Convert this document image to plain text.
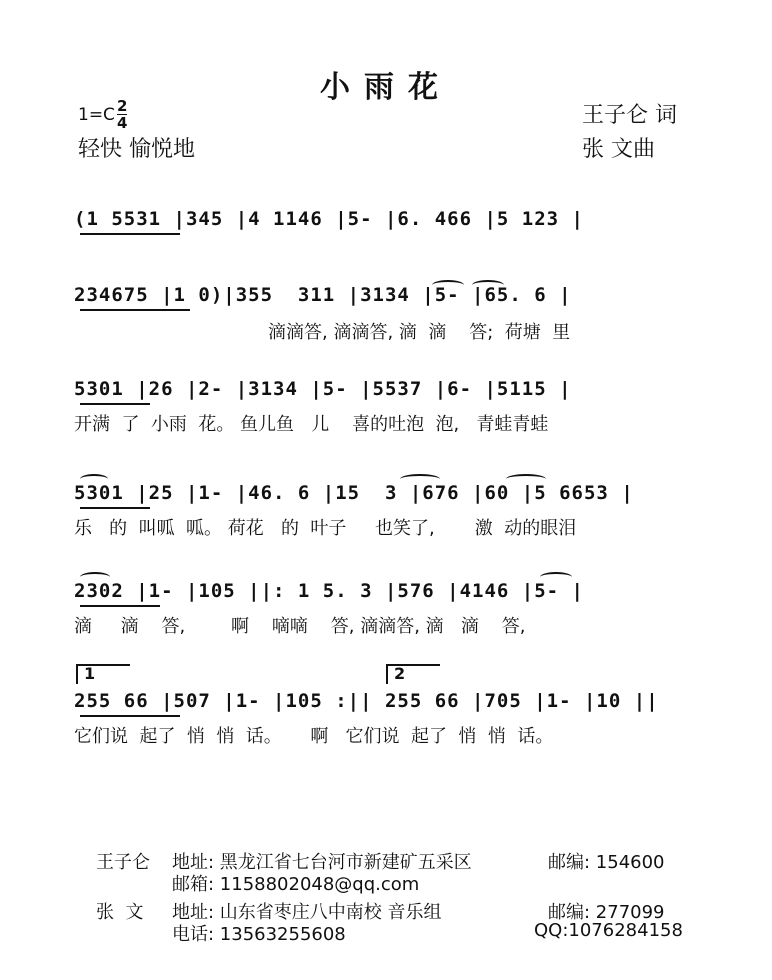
小雨花
$1=C \frac{2}{4}$
轻快 愉悦地
王子仑 词
张 文曲
(1 5531 |345 |4 1146 |5- |6. 466 |5 123 |
234675 |1 0)|355  311 |3134 |5- |65. 6 |
滴滴答, 滴滴答, 滴  滴    答;  荷塘  里
5301 |26 |2- |3134 |5- |5537 |6- |5115 |
开满  了  小雨  花。 鱼儿鱼   儿    喜的吐泡  泡,   青蛙青蛙
5301 |25 |1- |46. 6 |15  3 |676 |60 |5 6653 |
乐   的  叫呱  呱。 荷花   的  叶子     也笑了,       激  动的眼泪
2302 |1- |105 ||: 1 5. 3 |576 |4146 |5- |
滴     滴    答,        啊    嘀嘀    答, 滴滴答, 滴   滴    答,
1	2
255 66 |507 |1- |105 :|| 255 66 |705 |1- |10 ||
它们说  起了  悄  悄  话。     啊   它们说  起了  悄  悄  话。
王子仑 地址: 黑龙江省七台河市新建矿五采区	邮编: 154600
邮箱: 1158802048@qq.com
张  文 地址: 山东省枣庄八中南校 音乐组	邮编: 277099
电话: 13563255608	QQ:1076284158
